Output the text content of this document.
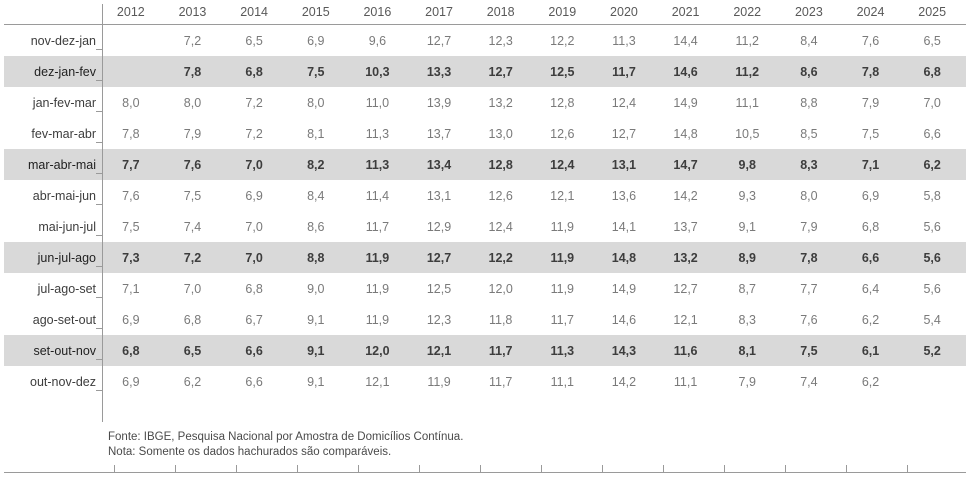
	2012	2013	2014	2015	2016	2017	2018	2019	2020	2021	2022	2023	2024	2025
nov-dez-jan		7,2	6,5	6,9	9,6	12,7	12,3	12,2	11,3	14,4	11,2	8,4	7,6	6,5
dez-jan-fev		7,8	6,8	7,5	10,3	13,3	12,7	12,5	11,7	14,6	11,2	8,6	7,8	6,8
jan-fev-mar	8,0	8,0	7,2	8,0	11,0	13,9	13,2	12,8	12,4	14,9	11,1	8,8	7,9	7,0
fev-mar-abr	7,8	7,9	7,2	8,1	11,3	13,7	13,0	12,6	12,7	14,8	10,5	8,5	7,5	6,6
mar-abr-mai	7,7	7,6	7,0	8,2	11,3	13,4	12,8	12,4	13,1	14,7	9,8	8,3	7,1	6,2
abr-mai-jun	7,6	7,5	6,9	8,4	11,4	13,1	12,6	12,1	13,6	14,2	9,3	8,0	6,9	5,8
mai-jun-jul	7,5	7,4	7,0	8,6	11,7	12,9	12,4	11,9	14,1	13,7	9,1	7,9	6,8	5,6
jun-jul-ago	7,3	7,2	7,0	8,8	11,9	12,7	12,2	11,9	14,8	13,2	8,9	7,8	6,6	5,6
jul-ago-set	7,1	7,0	6,8	9,0	11,9	12,5	12,0	11,9	14,9	12,7	8,7	7,7	6,4	5,6
ago-set-out	6,9	6,8	6,7	9,1	11,9	12,3	11,8	11,7	14,6	12,1	8,3	7,6	6,2	5,4
set-out-nov	6,8	6,5	6,6	9,1	12,0	12,1	11,7	11,3	14,3	11,6	8,1	7,5	6,1	5,2
out-nov-dez	6,9	6,2	6,6	9,1	12,1	11,9	11,7	11,1	14,2	11,1	7,9	7,4	6,2	
Fonte: IBGE, Pesquisa Nacional por Amostra de Domicílios Contínua.
Nota: Somente os dados hachurados são comparáveis.
